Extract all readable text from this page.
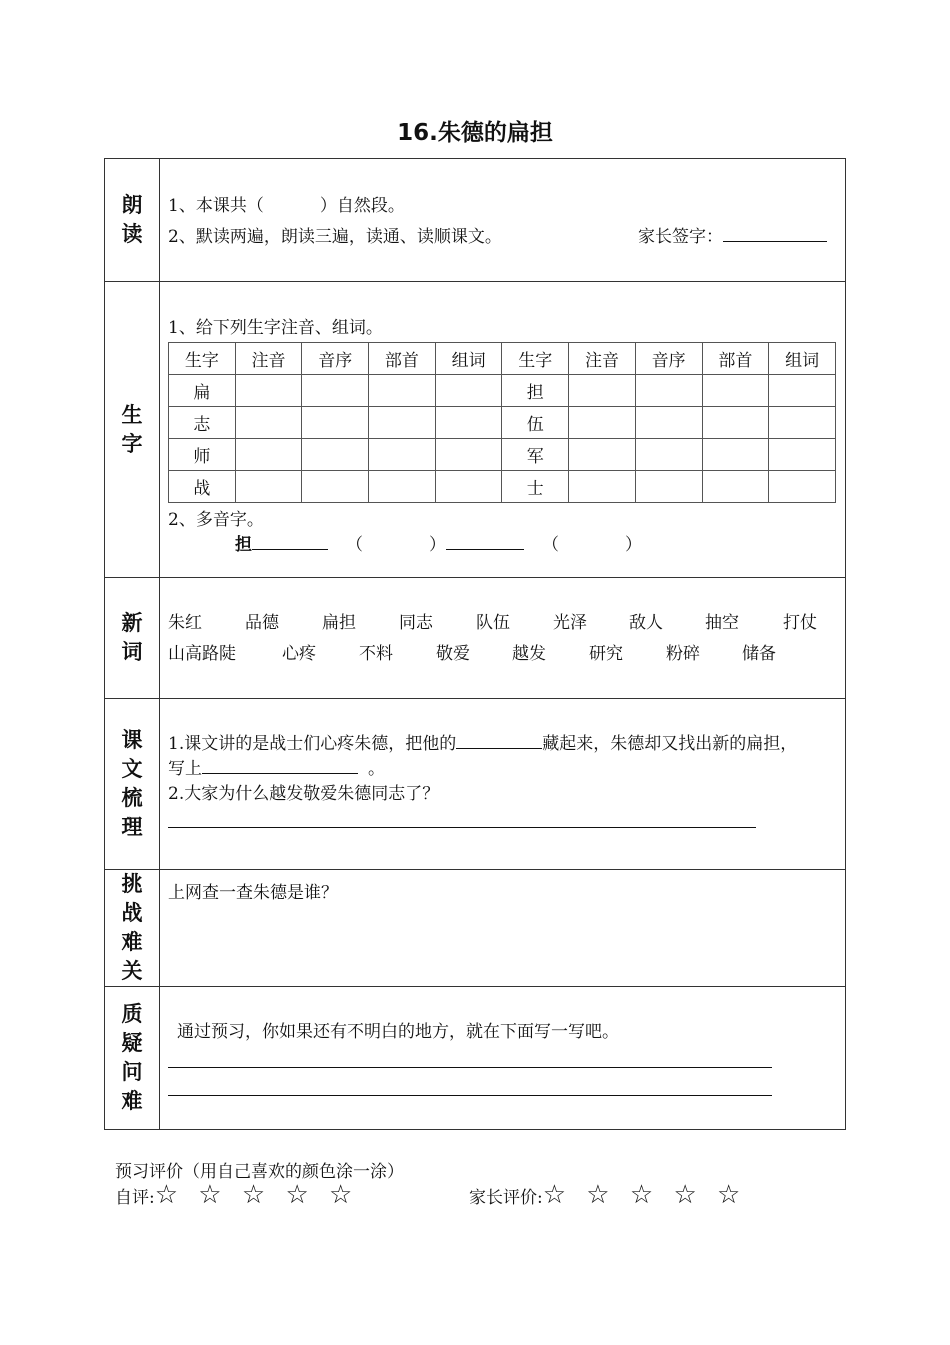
16.朱德的扁担
朗
读
1、本课共（	）自然段。
2、默读两遍，朗读三遍，读通、读顺课文。	家长签字：
生
字
1、给下列生字注音、组词。
生字	注音	音序	部首	组词	生字	注音	音序	部首	组词
扁					担				
志					伍				
师					军				
战					士				
2、多音字。
担	（	）	（	）
新
词
朱红	品德	扁担	同志	队伍	光泽 敌人 抽空	打仗
山高路陡	心疼	不料	敬爱 越发	研究	粉碎 储备
课
文
梳
理
1.课文讲的是战士们心疼朱德，把他的	藏起来，朱德却又找出新的扁担，
写上	。
2.大家为什么越发敬爱朱德同志了？
挑
战
难
关
上网查一查朱德是谁？
质
疑
问
难
通过预习，你如果还有不明白的地方，就在下面写一写吧。
预习评价（用自己喜欢的颜色涂一涂）
自评:☆ ☆ ☆ ☆ ☆	家长评价:☆ ☆ ☆ ☆ ☆
